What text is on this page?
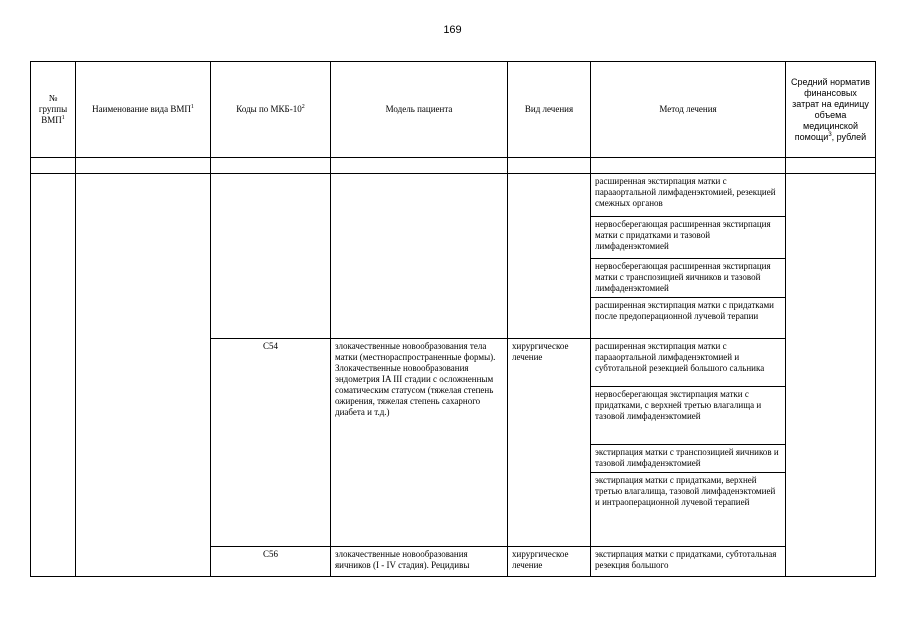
169
№ группы ВМП$^1$	Наименование вида ВМП$^1$	Коды по МКБ-$10^2$	Модель пациента	Вид лечения	Метод лечения	Средний норматив финансовых затрат на единицу объема медицинской помощи$^3$, рублей

					расширенная экстирпация матки с парааортальной лимфаденэктомией, резекцией смежных органов	
					нервосберегающая расширенная экстирпация матки с придатками и тазовой лимфаденэктомией	
					нервосберегающая расширенная экстирпация матки с транспозицией яичников и тазовой лимфаденэктомией	
					расширенная экстирпация матки с придатками после предоперационной лучевой терапии	
		С54	злокачественные новообразования тела матки (местнораспространенные формы). Злокачественные новообразования эндометрия IA III стадии с осложненным соматическим статусом (тяжелая степень ожирения, тяжелая степень сахарного диабета и т.д.)	хирургическое лечение	расширенная экстирпация матки с парааортальной лимфаденэктомией и субтотальной резекцией большого сальника	
					нервосберегающая экстирпация матки с придатками, с верхней третью влагалища и тазовой лимфаденэктомией	
					экстирпация матки с транспозицией яичников и тазовой лимфаденэктомией	
					экстирпация матки с придатками, верхней третью влагалища, тазовой лимфаденэктомией и интраоперационной лучевой терапией	
		С56	злокачественные новообразования яичников (I - IV стадия). Рецидивы	хирургическое лечение	экстирпация матки с придатками, субтотальная резекция большого	
